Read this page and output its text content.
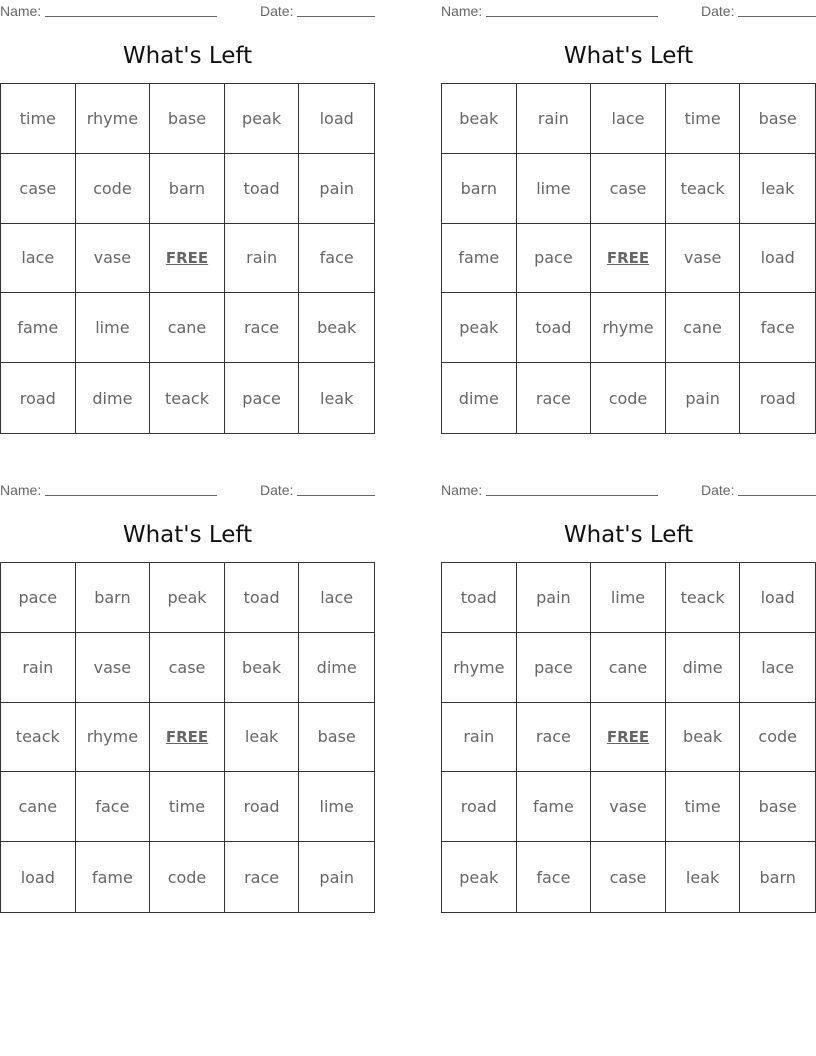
Name:	Date:
What's Left
time	rhyme	base	peak	load
case	code	barn	toad	pain
lace	vase	FREE	rain	face
fame	lime	cane	race	beak
road	dime	teack	pace	leak
Name:	Date:
What's Left
beak	rain	lace	time	base
barn	lime	case	teack	leak
fame	pace	FREE	vase	load
peak	toad	rhyme	cane	face
dime	race	code	pain	road
Name:	Date:
What's Left
pace	barn	peak	toad	lace
rain	vase	case	beak	dime
teack	rhyme	FREE	leak	base
cane	face	time	road	lime
load	fame	code	race	pain
Name:	Date:
What's Left
toad	pain	lime	teack	load
rhyme	pace	cane	dime	lace
rain	race	FREE	beak	code
road	fame	vase	time	base
peak	face	case	leak	barn
